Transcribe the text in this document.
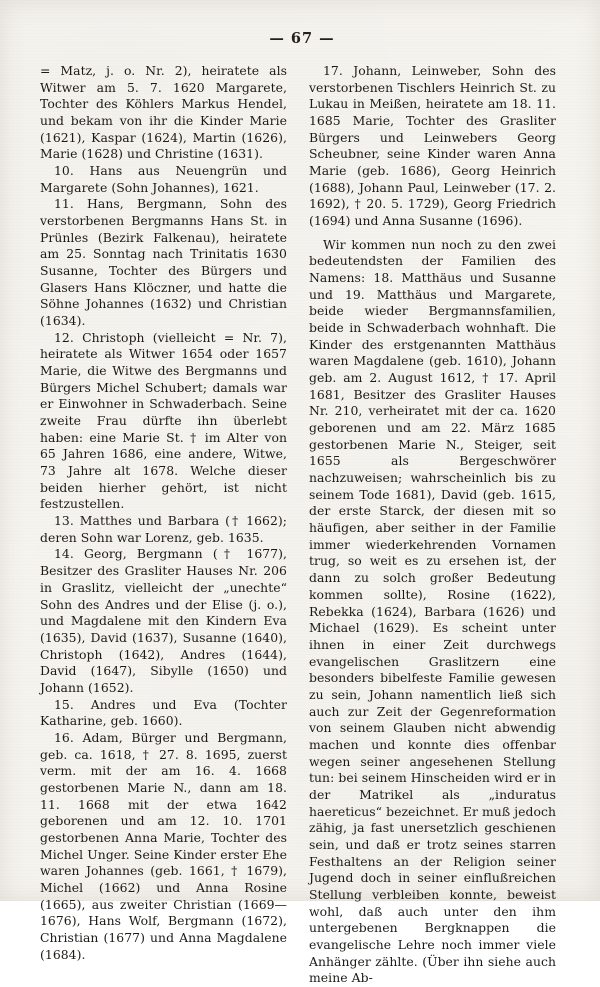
— 67 —

= Matz, j. o. Nr. 2), heiratete als Witwer am 5. 7. 1620 Margarete, Tochter des Köhlers Markus Hendel, und bekam von ihr die Kinder Marie (1621), Kaspar (1624), Martin (1626), Marie (1628) und Christine (1631).

10. Hans aus Neuengrün und Margarete (Sohn Johannes), 1621.

11. Hans, Bergmann, Sohn des verstorbenen Bergmanns Hans St. in Prünles (Bezirk Falkenau), heiratete am 25. Sonntag nach Trinitatis 1630 Susanne, Tochter des Bürgers und Glasers Hans Klöczner, und hatte die Söhne Johannes (1632) und Christian (1634).

12. Christoph (vielleicht = Nr. 7), heiratete als Witwer 1654 oder 1657 Marie, die Witwe des Bergmanns und Bürgers Michel Schubert; damals war er Einwohner in Schwaderbach. Seine zweite Frau dürfte ihn überlebt haben: eine Marie St. † im Alter von 65 Jahren 1686, eine andere, Witwe, 73 Jahre alt 1678. Welche dieser beiden hierher gehört, ist nicht festzustellen.

13. Matthes und Barbara († 1662); deren Sohn war Lorenz, geb. 1635.

14. Georg, Bergmann († 1677), Besitzer des Grasliter Hauses Nr. 206 in Graslitz, vielleicht der „unechte“ Sohn des Andres und der Elise (j. o.), und Magdalene mit den Kindern Eva (1635), David (1637), Susanne (1640), Christoph (1642), Andres (1644), David (1647), Sibylle (1650) und Johann (1652).

15. Andres und Eva (Tochter Katharine, geb. 1660).

16. Adam, Bürger und Bergmann, geb. ca. 1618, † 27. 8. 1695, zuerst verm. mit der am 16. 4. 1668 gestorbenen Marie N., dann am 18. 11. 1668 mit der etwa 1642 geborenen und am 12. 10. 1701 gestorbenen Anna Marie, Tochter des Michel Unger. Seine Kinder erster Ehe waren Johannes (geb. 1661, † 1679), Michel (1662) und Anna Rosine (1665), aus zweiter Christian (1669—1676), Hans Wolf, Bergmann (1672), Christian (1677) und Anna Magdalene (1684).

17. Johann, Leinweber, Sohn des verstorbenen Tischlers Heinrich St. zu Lukau in Meißen, heiratete am 18. 11. 1685 Marie, Tochter des Grasliter Bürgers und Leinwebers Georg Scheubner, seine Kinder waren Anna Marie (geb. 1686), Georg Heinrich (1688), Johann Paul, Leinweber (17. 2. 1692), † 20. 5. 1729), Georg Friedrich (1694) und Anna Susanne (1696).

Wir kommen nun noch zu den zwei bedeutendsten der Familien des Namens: 18. Matthäus und Susanne und 19. Matthäus und Margarete, beide wieder Bergmannsfamilien, beide in Schwaderbach wohnhaft. Die Kinder des erstgenannten Matthäus waren Magdalene (geb. 1610), Johann geb. am 2. August 1612, † 17. April 1681, Besitzer des Grasliter Hauses Nr. 210, verheiratet mit der ca. 1620 geborenen und am 22. März 1685 gestorbenen Marie N., Steiger, seit 1655 als Bergeschwörer nachzuweisen; wahrscheinlich bis zu seinem Tode 1681), David (geb. 1615, der erste Starck, der diesen mit so häufigen, aber seither in der Familie immer wiederkehrenden Vornamen trug, so weit es zu ersehen ist, der dann zu solch großer Bedeutung kommen sollte), Rosine (1622), Rebekka (1624), Barbara (1626) und Michael (1629). Es scheint unter ihnen in einer Zeit durchwegs evangelischen Graslitzern eine besonders bibelfeste Familie gewesen zu sein, Johann namentlich ließ sich auch zur Zeit der Gegenreformation von seinem Glauben nicht abwendig machen und konnte dies offenbar wegen seiner angesehenen Stellung tun: bei seinem Hinscheiden wird er in der Matrikel als „induratus haereticus“ bezeichnet. Er muß jedoch zähig, ja fast unersetzlich geschienen sein, und daß er trotz seines starren Festhaltens an der Religion seiner Jugend doch in seiner einflußreichen Stellung verbleiben konnte, beweist wohl, daß auch unter den ihm untergebenen Bergknappen die evangelische Lehre noch immer viele Anhänger zählte. (Über ihn siehe auch meine Ab-
